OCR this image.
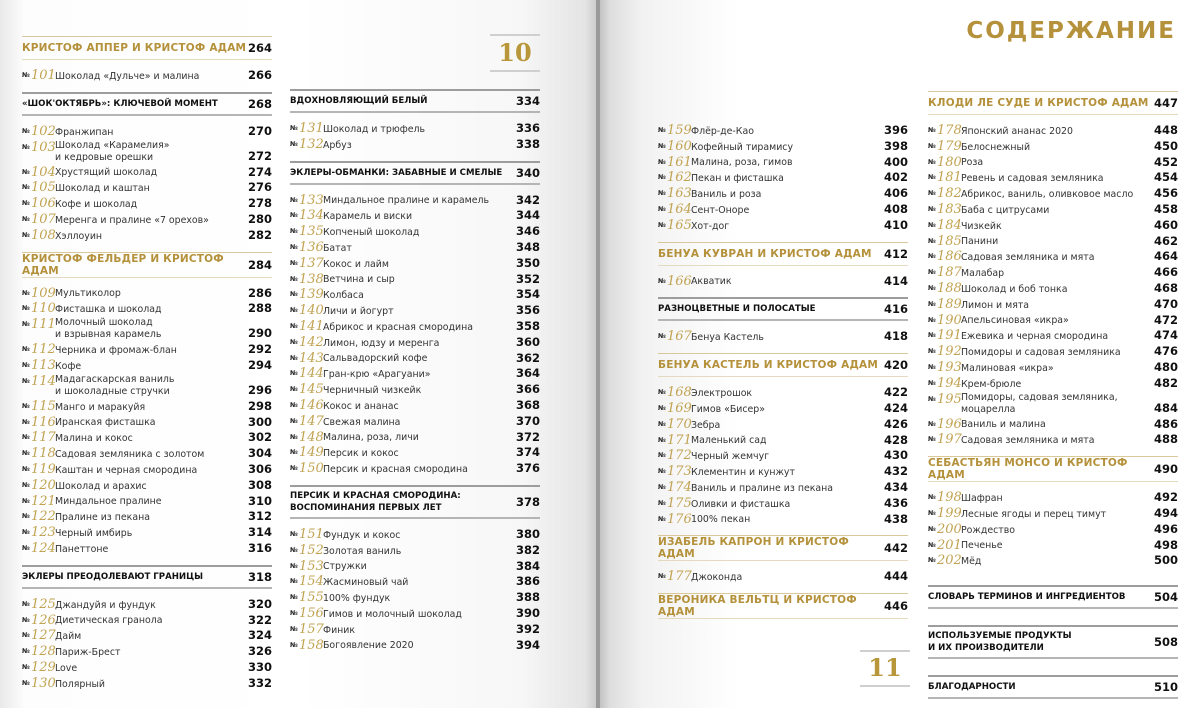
10
11
СОДЕРЖАНИЕ
КРИСТОФ АППЕР И КРИСТОФ АДАМ 264
№ 101 Шоколад «Дульче» и малина	266
«ШОК'ОКТЯБРЬ»: КЛЮЧЕВОЙ МОМЕНТ	268
№ 102 Франжипан	270
№ 103 Шоколад «Карамелия»
и кедровые орешки	272
№ 104 Хрустящий шоколад	274
№ 105 Шоколад и каштан	276
№ 106 Кофе и шоколад	278
№ 107 Меренга и пралине «7 орехов»	280
№ 108 Хэллоуин	282
КРИСТОФ ФЕЛЬДЕР И КРИСТОФ АДАМ	284
№ 109 Мультиколор	286
№ 110 Фисташка и шоколад	288
№ 111 Молочный шоколад
и взрывная карамель	290
№ 112 Черника и фромаж-блан	292
№ 113 Кофе	294
№ 114 Мадагаскарская ваниль
и шоколадные стручки	296
№ 115 Манго и маракуйя	298
№ 116 Иранская фисташка	300
№ 117 Малина и кокос	302
№ 118 Садовая земляника с золотом	304
№ 119 Каштан и черная смородина	306
№ 120 Шоколад и арахис	308
№ 121 Миндальное пралине	310
№ 122 Пралине из пекана	312
№ 123 Черный имбирь	314
№ 124 Панеттоне	316
ЭКЛЕРЫ ПРЕОДОЛЕВАЮТ ГРАНИЦЫ	318
№ 125 Джандуйя и фундук	320
№ 126 Диетическая гранола	322
№ 127 Дайм	324
№ 128 Париж-Брест	326
№ 129 Love	330
№ 130 Полярный	332
ВДОХНОВЛЯЮЩИЙ БЕЛЫЙ	334
№ 131 Шоколад и трюфель	336
№ 132 Арбуз	338
ЭКЛЕРЫ-ОБМАНКИ: ЗАБАВНЫЕ И СМЕЛЫЕ 340
№ 133 Миндальное пралине и карамель	342
№ 134 Карамель и виски	344
№ 135 Копченый шоколад	346
№ 136 Батат	348
№ 137 Кокос и лайм	350
№ 138 Ветчина и сыр	352
№ 139 Колбаса	354
№ 140 Личи и йогурт	356
№ 141 Абрикос и красная смородина	358
№ 142 Лимон, юдзу и меренга	360
№ 143 Сальвадорский кофе	362
№ 144 Гран-крю «Арагуани»	364
№ 145 Черничный чизкейк	366
№ 146 Кокос и ананас	368
№ 147 Свежая малина	370
№ 148 Малина, роза, личи	372
№ 149 Персик и кокос	374
№ 150 Персик и красная смородина	376
ПЕРСИК И КРАСНАЯ СМОРОДИНА:
ВОСПОМИНАНИЯ ПЕРВЫХ ЛЕТ	378
№ 151 Фундук и кокос	380
№ 152 Золотая ваниль	382
№ 153 Стружки	384
№ 154 Жасминовый чай	386
№ 155 100% фундук	388
№ 156 Гимов и молочный шоколад	390
№ 157 Финик	392
№ 158 Богоявление 2020	394
№ 159 Флёр-де-Као	396
№ 160 Кофейный тирамису	398
№ 161 Малина, роза, гимов	400
№ 162 Пекан и фисташка	402
№ 163 Ваниль и роза	406
№ 164 Сент-Оноре	408
№ 165 Хот-дог	410
БЕНУА КУВРАН И КРИСТОФ АДАМ 412
№ 166 Акватик	414
РАЗНОЦВЕТНЫЕ И ПОЛОСАТЫЕ	416
№ 167 Бенуа Кастель	418
БЕНУА КАСТЕЛЬ И КРИСТОФ АДАМ 420
№ 168 Электрошок	422
№ 169 Гимов «Бисер»	424
№ 170 Зебра	426
№ 171 Маленький сад	428
№ 172 Черный жемчуг	430
№ 173 Клементин и кунжут	432
№ 174 Ваниль и пралине из пекана	434
№ 175 Оливки и фисташка	436
№ 176 100% пекан	438
ИЗАБЕЛЬ КАПРОН И КРИСТОФ АДАМ	442
№ 177 Джоконда	444
ВЕРОНИКА ВЕЛЬТЦ И КРИСТОФ АДАМ	446
КЛОДИ ЛЕ СУДЕ И КРИСТОФ АДАМ 447
№ 178 Японский ананас 2020	448
№ 179 Белоснежный	450
№ 180 Роза	452
№ 181 Ревень и садовая земляника	454
№ 182 Абрикос, ваниль, оливковое масло	456
№ 183 Баба с цитрусами	458
№ 184 Чизкейк	460
№ 185 Панини	462
№ 186 Садовая земляника и мята	464
№ 187 Малабар	466
№ 188 Шоколад и боб тонка	468
№ 189 Лимон и мята	470
№ 190 Апельсиновая «икра»	472
№ 191 Ежевика и черная смородина	474
№ 192 Помидоры и садовая земляника	476
№ 193 Малиновая «икра»	480
№ 194 Крем-брюле	482
№ 195 Помидоры, садовая земляника,
моцарелла	484
№ 196 Ваниль и малина	486
№ 197 Садовая земляника и мята	488
СЕБАСТЬЯН МОНСО И КРИСТОФ АДАМ	490
№ 198 Шафран	492
№ 199 Лесные ягоды и перец тимут	494
№ 200 Рождество	496
№ 201 Печенье	498
№ 202 Мёд	500
СЛОВАРЬ ТЕРМИНОВ И ИНГРЕДИЕНТОВ 504
ИСПОЛЬЗУЕМЫЕ ПРОДУКТЫ
И ИХ ПРОИЗВОДИТЕЛИ	508
БЛАГОДАРНОСТИ	510
